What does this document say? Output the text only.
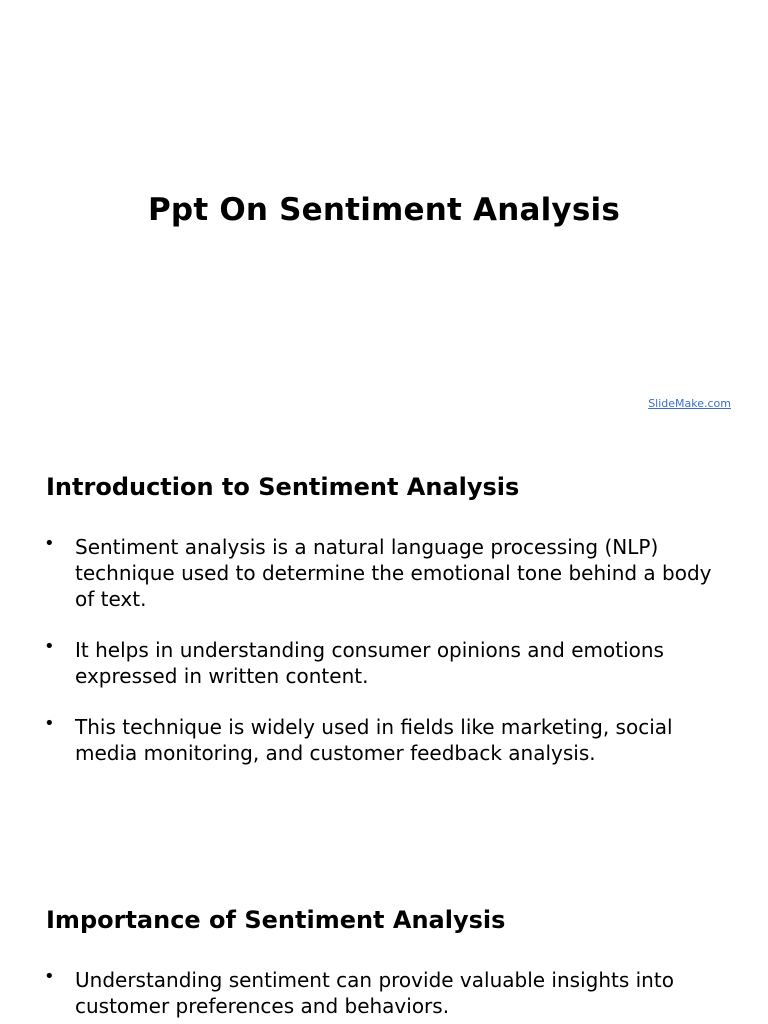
Ppt On Sentiment Analysis
SlideMake.com
Introduction to Sentiment Analysis
• Sentiment analysis is a natural language processing (NLP) technique used to determine the emotional tone behind a body of text.
• It helps in understanding consumer opinions and emotions expressed in written content.
• This technique is widely used in fields like marketing, social media monitoring, and customer feedback analysis.
Importance of Sentiment Analysis
• Understanding sentiment can provide valuable insights into customer preferences and behaviors.
